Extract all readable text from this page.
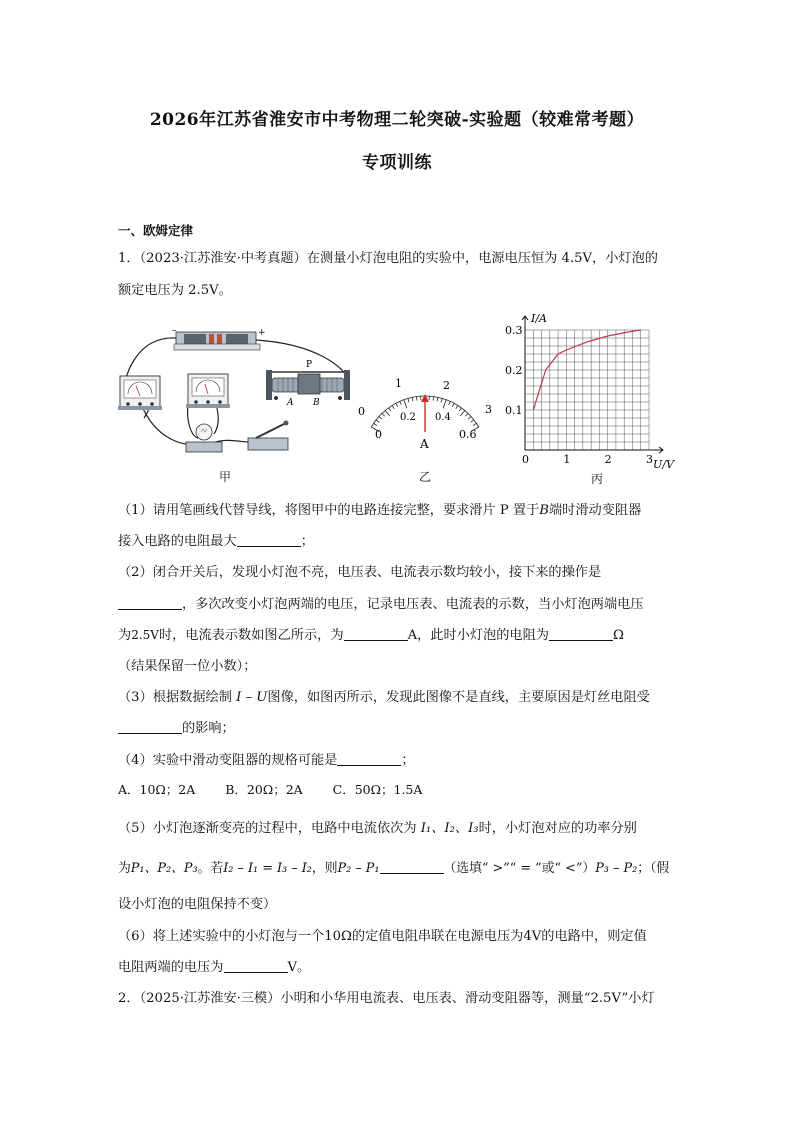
2026年江苏省淮安市中考物理二轮突破-实验题（较难常考题）
专项训练
一、欧姆定律
1．（2023·江苏淮安·中考真题）在测量小灯泡电阻的实验中，电源电压恒为 4.5V，小灯泡的
额定电压为 2.5V。
–	+
P
A B
甲
1	2
3
0
0
0.2 0.4
0.6
A
乙
0	1	2	3
0.1
0.2
0.3
I/A
U/V
丙
（1）请用笔画线代替导线，将图甲中的电路连接完整，要求滑片 P 置于B端时滑动变阻器
接入电路的电阻最大	；
（2）闭合开关后，发现小灯泡不亮，电压表、电流表示数均较小，接下来的操作是
，多次改变小灯泡两端的电压，记录电压表、电流表的示数，当小灯泡两端电压
为2.5V时，电流表示数如图乙所示，为	A，此时小灯泡的电阻为	Ω
（结果保留一位小数）；
（3）根据数据绘制 I – U图像，如图丙所示，发现此图像不是直线，主要原因是灯丝电阻受
的影响；
（4）实验中滑动变阻器的规格可能是	；
A．10Ω；2A B．20Ω；2A C．50Ω；1.5A
（5）小灯泡逐渐变亮的过程中，电路中电流依次为 I₁、I₂、I₃时，小灯泡对应的功率分别
为P₁、P₂、P₃。若I₂ – I₁ = I₃ – I₂，则P₂ – P₁	（选填“ >”“ = ”或“ <”）P₃ – P₂；（假
设小灯泡的电阻保持不变）
（6）将上述实验中的小灯泡与一个10Ω的定值电阻串联在电源电压为4V的电路中，则定值
电阻两端的电压为	V。
2．（2025·江苏淮安·三模）小明和小华用电流表、电压表、滑动变阻器等，测量“2.5V”小灯
